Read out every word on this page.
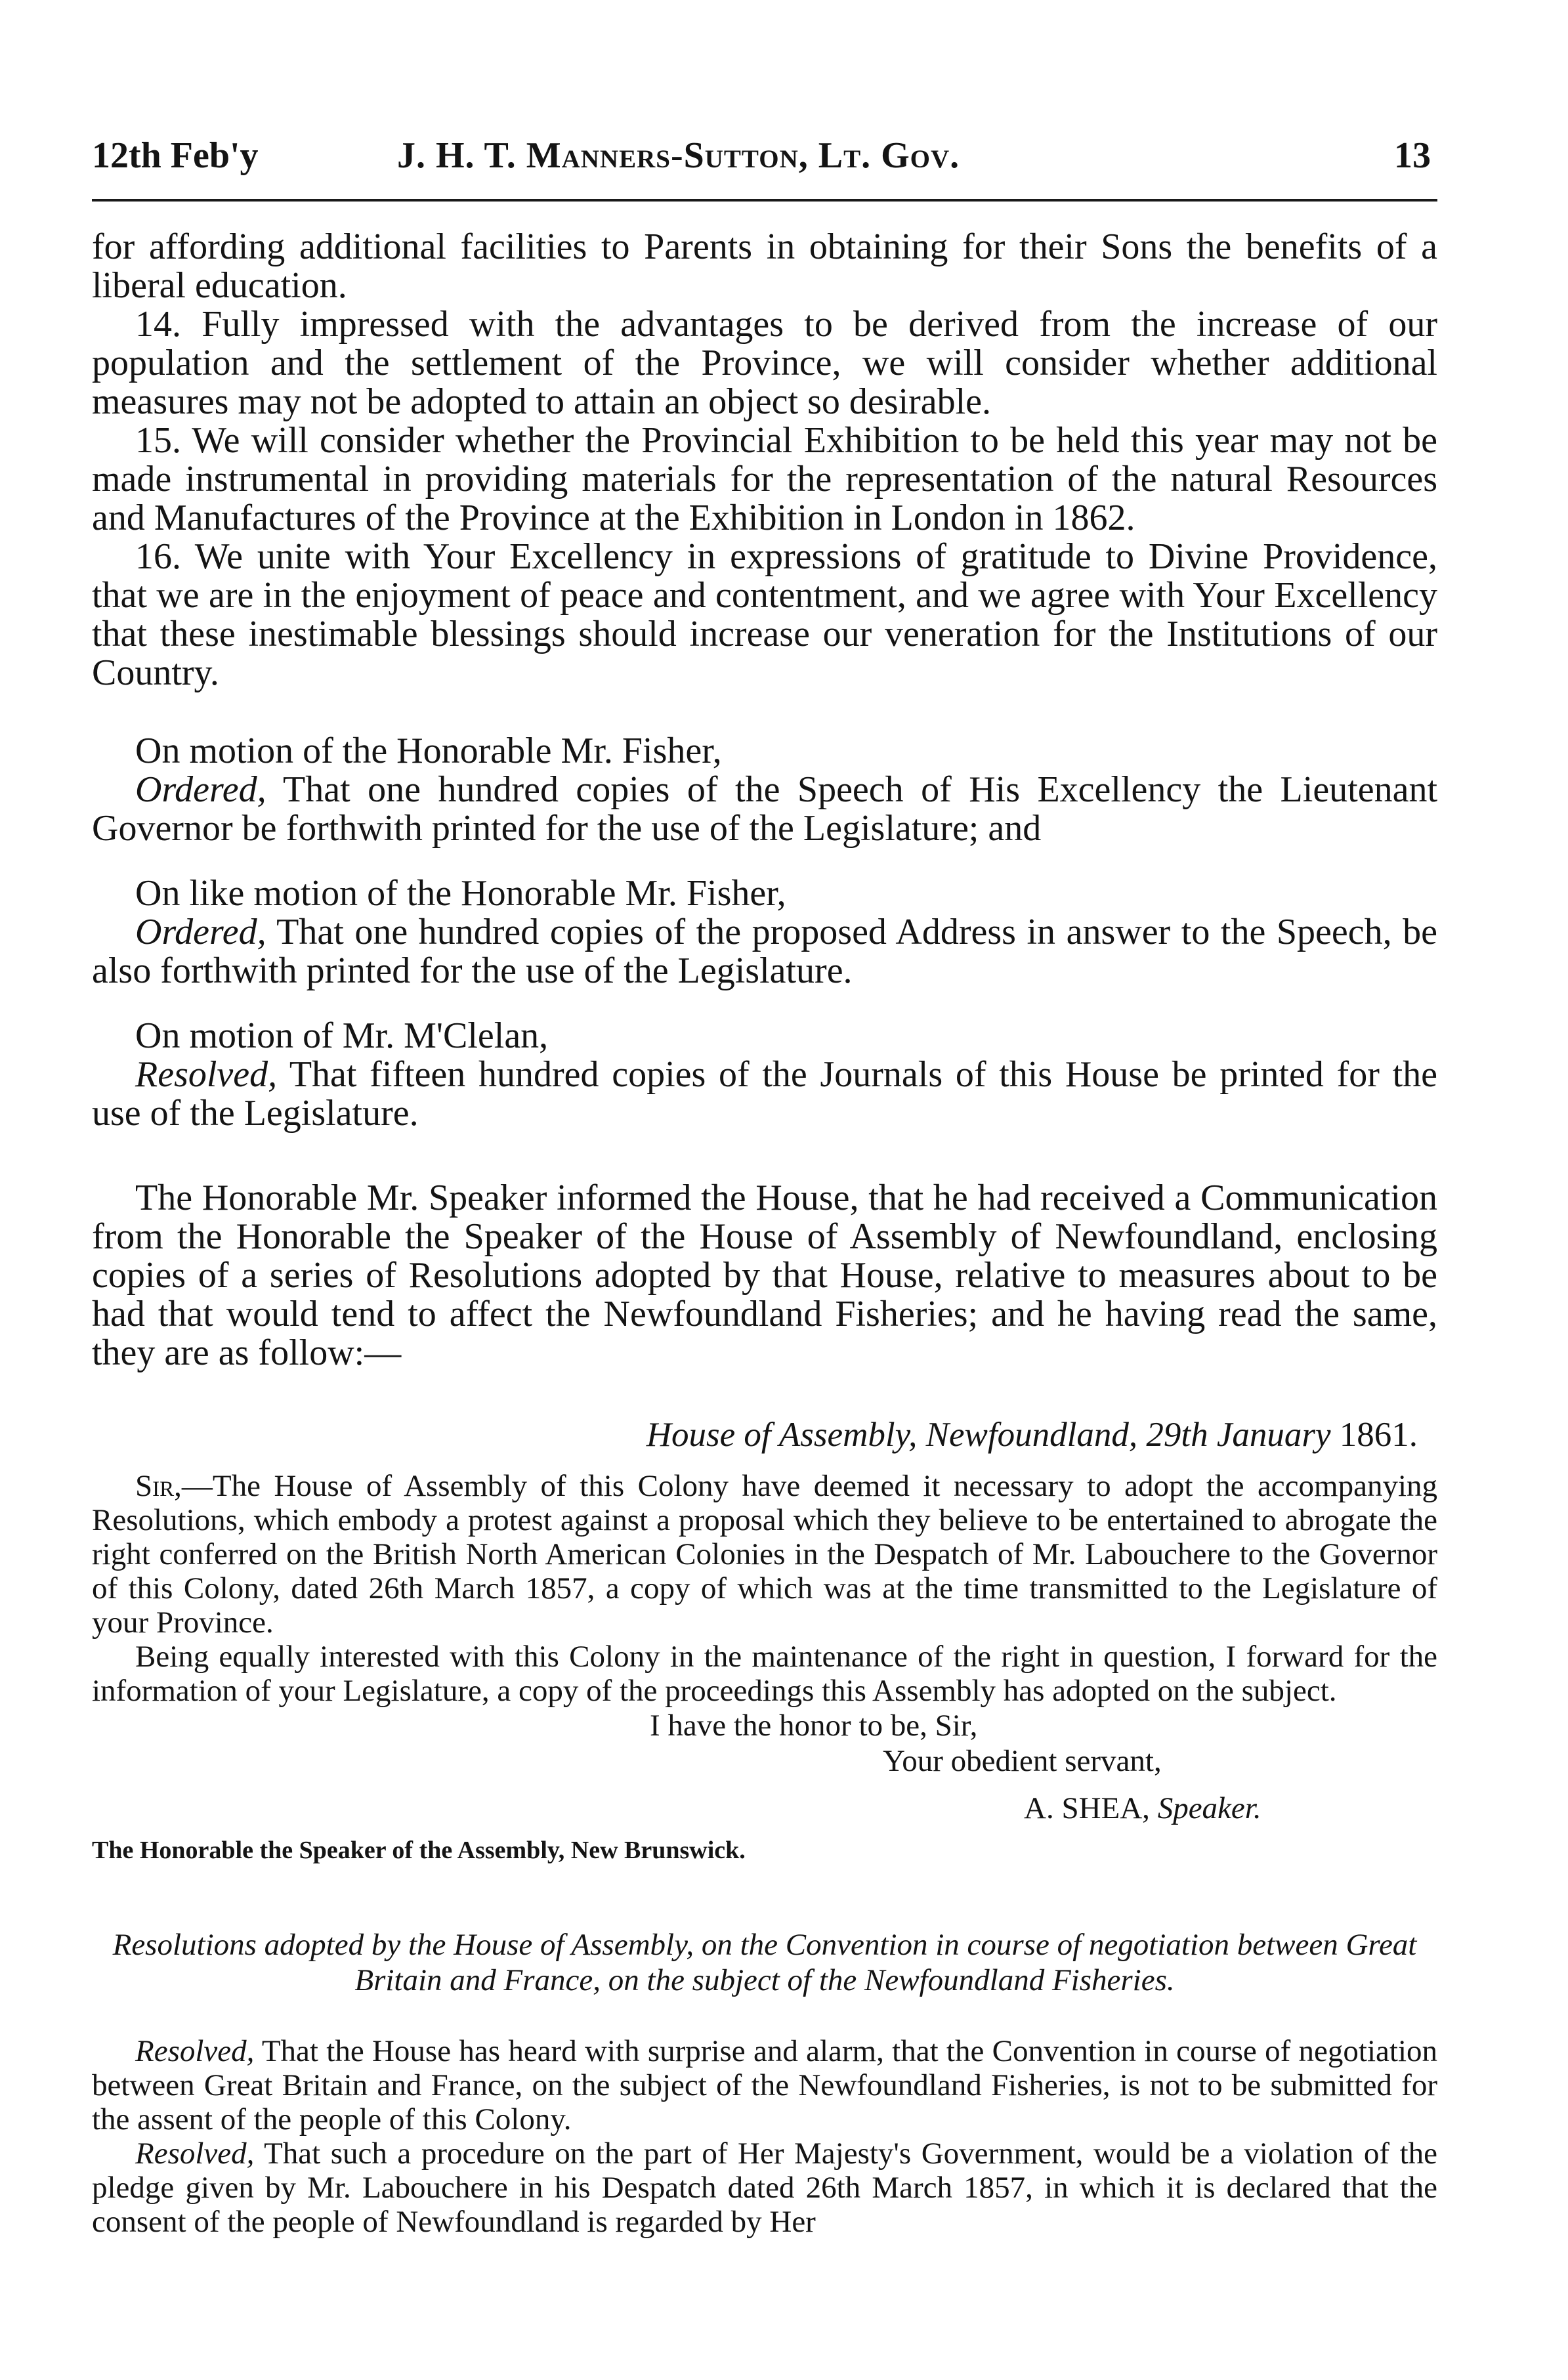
12th Feb'y	J. H. T. Manners-Sutton, Lt. Gov.	13

for affording additional facilities to Parents in obtaining for their Sons the benefits of a liberal education.

14. Fully impressed with the advantages to be derived from the increase of our population and the settlement of the Province, we will consider whether additional measures may not be adopted to attain an object so desirable.

15. We will consider whether the Provincial Exhibition to be held this year may not be made instrumental in providing materials for the representation of the natural Resources and Manufactures of the Province at the Exhibition in London in 1862.

16. We unite with Your Excellency in expressions of gratitude to Divine Providence, that we are in the enjoyment of peace and contentment, and we agree with Your Excellency that these inestimable blessings should increase our veneration for the Institutions of our Country.

On motion of the Honorable Mr. Fisher,

Ordered, That one hundred copies of the Speech of His Excellency the Lieutenant Governor be forthwith printed for the use of the Legislature; and

On like motion of the Honorable Mr. Fisher,

Ordered, That one hundred copies of the proposed Address in answer to the Speech, be also forthwith printed for the use of the Legislature.

On motion of Mr. M'Clelan,

Resolved, That fifteen hundred copies of the Journals of this House be printed for the use of the Legislature.

The Honorable Mr. Speaker informed the House, that he had received a Communication from the Honorable the Speaker of the House of Assembly of Newfoundland, enclosing copies of a series of Resolutions adopted by that House, relative to measures about to be had that would tend to affect the Newfoundland Fisheries; and he having read the same, they are as follow:—

House of Assembly, Newfoundland, 29th January 1861.

Sir,—The House of Assembly of this Colony have deemed it necessary to adopt the accompanying Resolutions, which embody a protest against a proposal which they believe to be entertained to abrogate the right conferred on the British North American Colonies in the Despatch of Mr. Labouchere to the Governor of this Colony, dated 26th March 1857, a copy of which was at the time transmitted to the Legislature of your Province.

Being equally interested with this Colony in the maintenance of the right in question, I forward for the information of your Legislature, a copy of the proceedings this Assembly has adopted on the subject.

I have the honor to be, Sir,
Your obedient servant,
A. SHEA, Speaker.
The Honorable the Speaker of the Assembly, New Brunswick.
Resolutions adopted by the House of Assembly, on the Convention in course of negotiation between Great Britain and France, on the subject of the Newfoundland Fisheries.

Resolved, That the House has heard with surprise and alarm, that the Convention in course of negotiation between Great Britain and France, on the subject of the Newfoundland Fisheries, is not to be submitted for the assent of the people of this Colony.

Resolved, That such a procedure on the part of Her Majesty's Government, would be a violation of the pledge given by Mr. Labouchere in his Despatch dated 26th March 1857, in which it is declared that the consent of the people of Newfoundland is regarded by Her
